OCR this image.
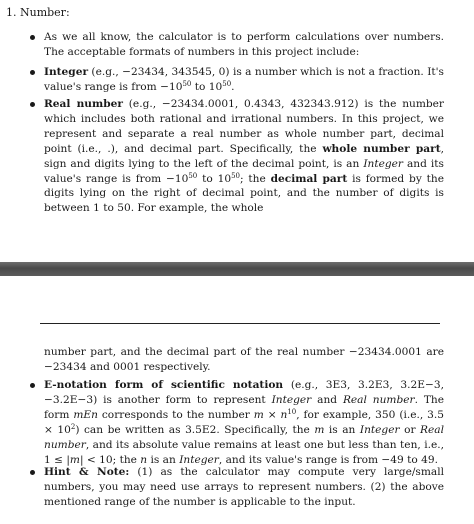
1. Number:
As we all know, the calculator is to perform calculations over numbers. The acceptable formats of numbers in this project include:
Integer (e.g., −23434, 343545, 0) is a number which is not a fraction. It's value's range is from $-10^{50}$ to $10^{50}$.
Real number (e.g., −23434.0001, 0.4343, 432343.912) is the number which includes both rational and irrational numbers. In this project, we represent and separate a real number as whole number part, decimal point (i.e., .), and decimal part. Specifically, the whole number part, sign and digits lying to the left of the decimal point, is an Integer and its value's range is from $-10^{50}$ to $10^{50}$; the decimal part is formed by the digits lying on the right of decimal point, and the number of digits is between 1 to 50. For example, the whole
number part, and the decimal part of the real number −23434.0001 are −23434 and 0001 respectively.
E-notation form of scientific notation (e.g., 3E3, 3.2E3, 3.2E−3, −3.2E−3) is another form to represent Integer and Real number. The form mEn corresponds to the number $m \times n^{10}$, for example, 350 (i.e., $3.5 \times 10^2$) can be written as 3.5E2. Specifically, the m is an Integer or Real number, and its absolute value remains at least one but less than ten, i.e., 1 ≤ |m| < 10; the n is an Integer, and its value's range is from −49 to 49.
Hint & Note: (1) as the calculator may compute very large/small numbers, you may need use arrays to represent numbers. (2) the above mentioned range of the number is applicable to the input.
